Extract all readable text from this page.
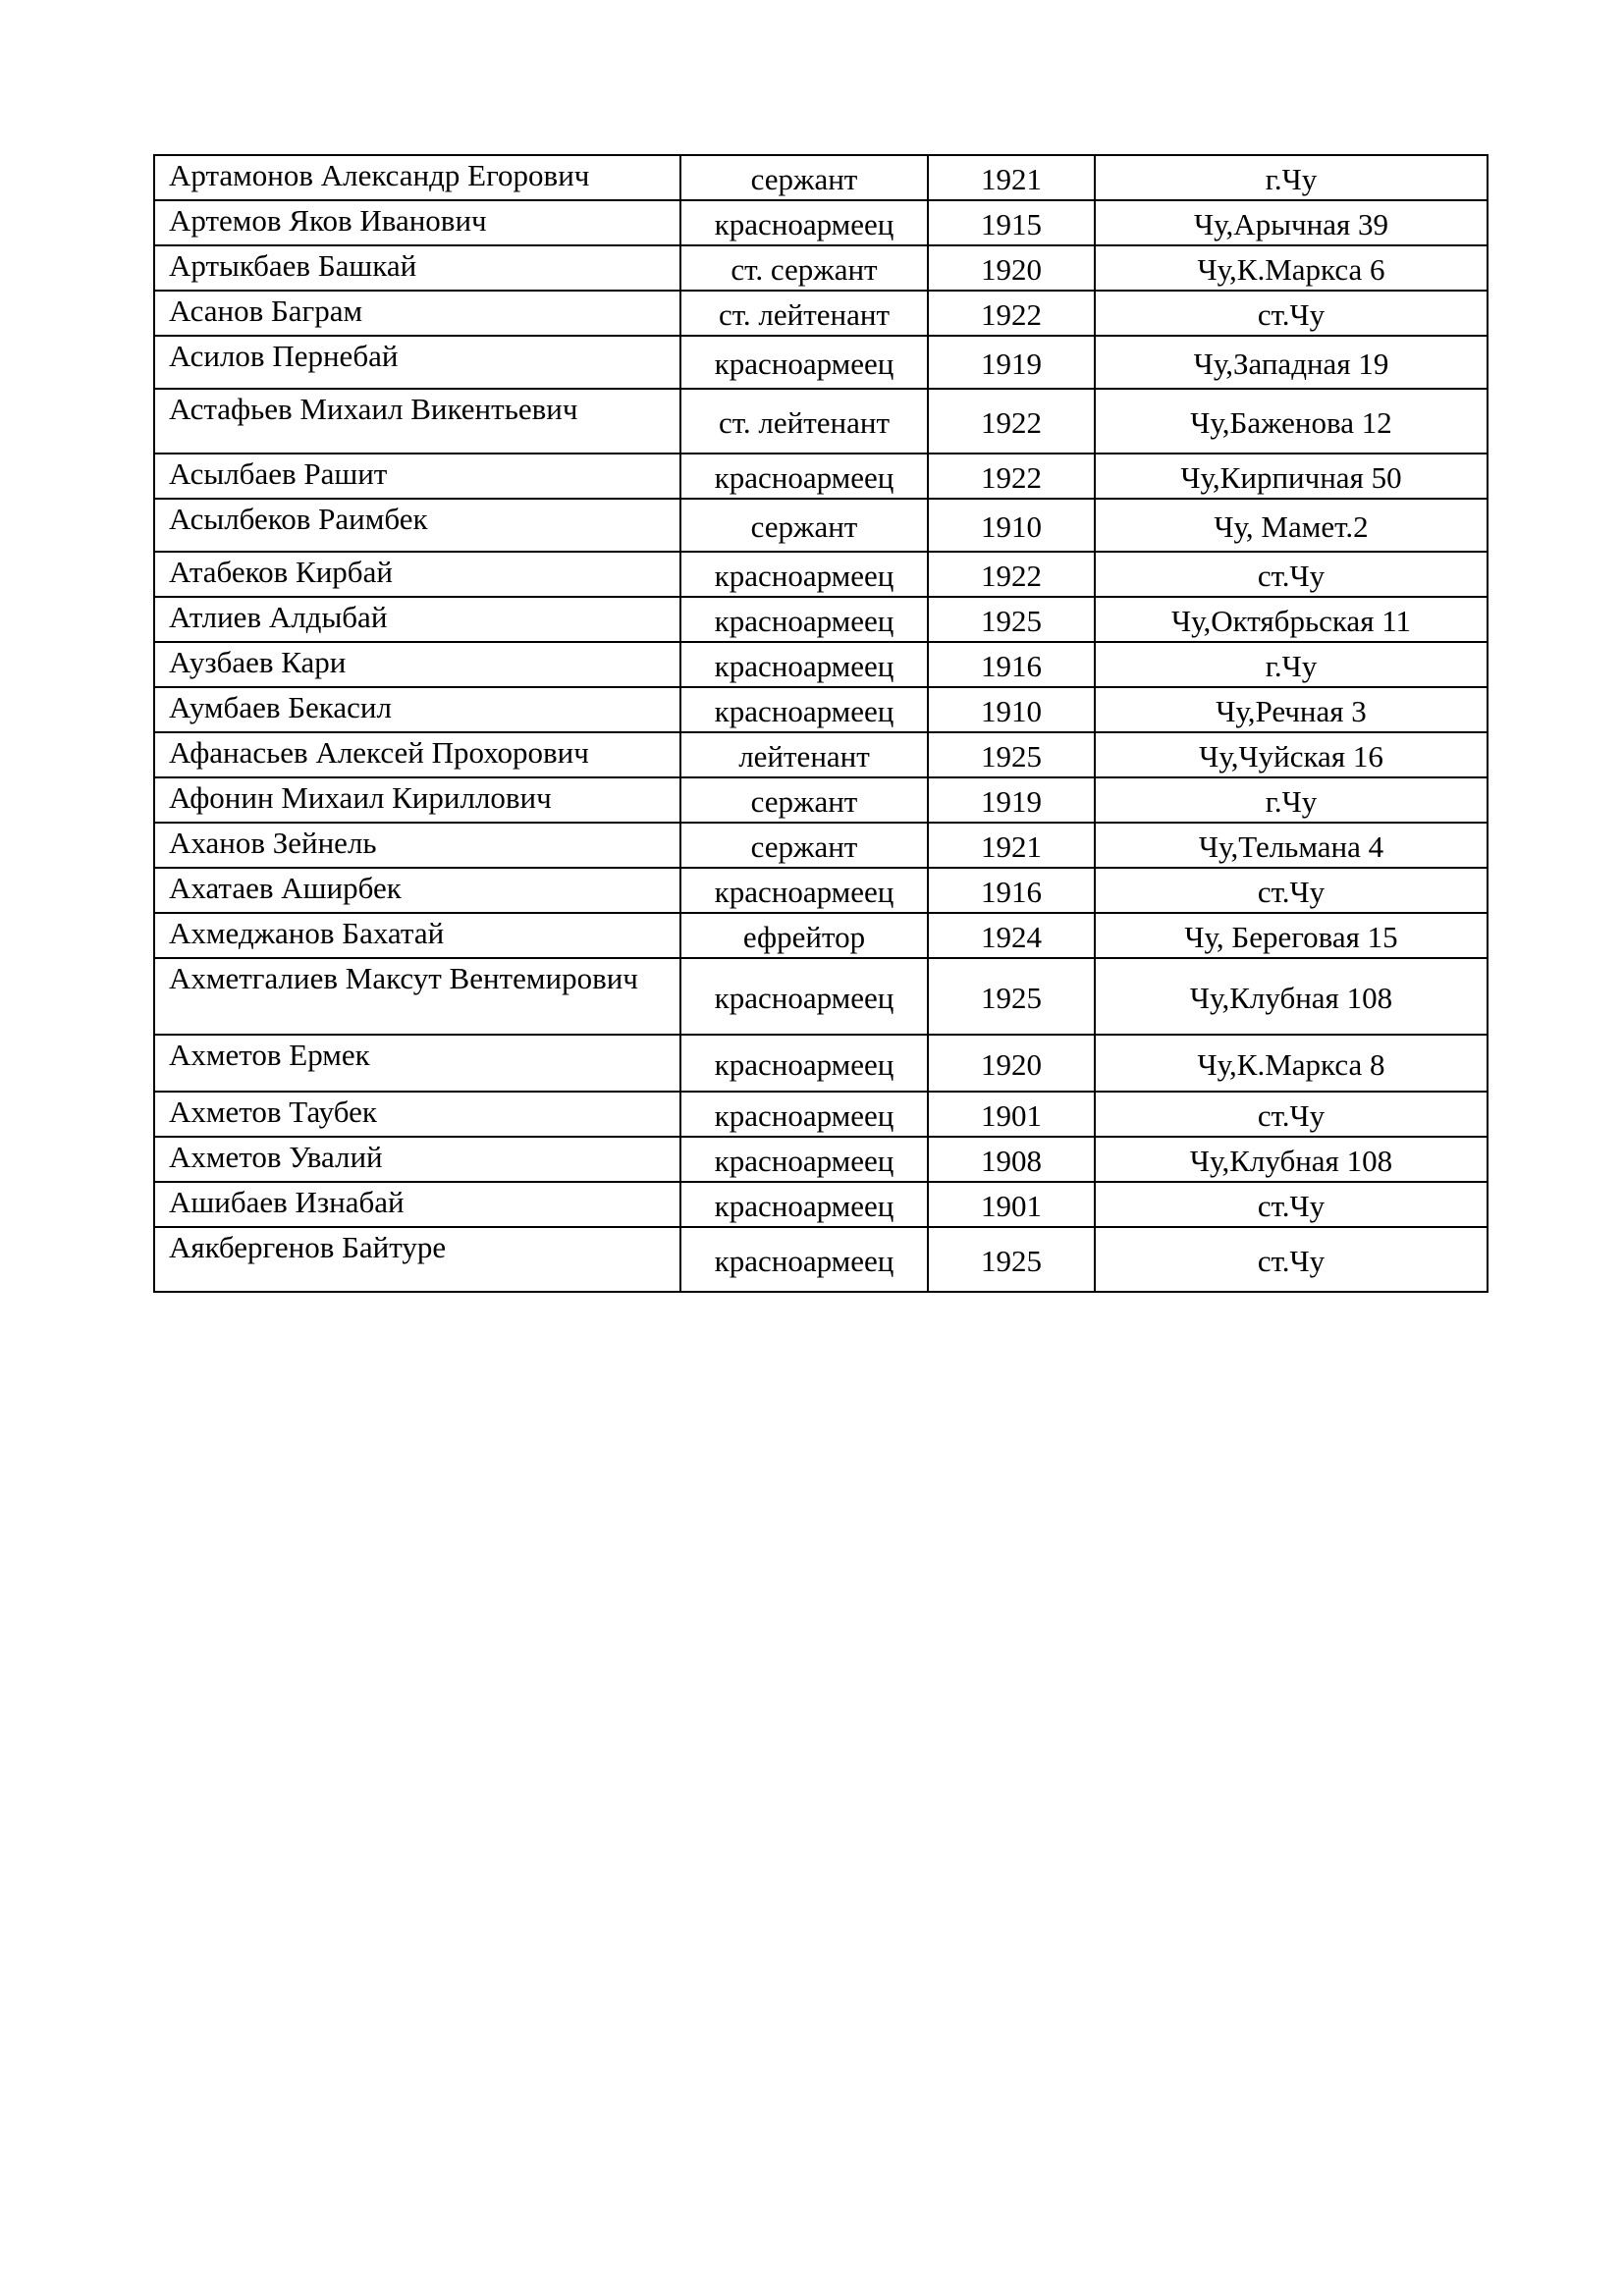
Артамонов Александр Егорович	сержант	1921	г.Чу
Артемов Яков Иванович	красноармеец	1915	Чу,Арычная 39
Артыкбаев Башкай	ст. сержант	1920	Чу,К.Маркса 6
Асанов Баграм	ст. лейтенант	1922	ст.Чу
Асилов Пернебай	красноармеец	1919	Чу,Западная 19
Астафьев Михаил Викентьевич	ст. лейтенант	1922	Чу,Баженова 12
Асылбаев Рашит	красноармеец	1922	Чу,Кирпичная 50
Асылбеков Раимбек	сержант	1910	Чу, Мамет.2
Атабеков Кирбай	красноармеец	1922	ст.Чу
Атлиев Алдыбай	красноармеец	1925	Чу,Октябрьская 11
Аузбаев Кари	красноармеец	1916	г.Чу
Аумбаев Бекасил	красноармеец	1910	Чу,Речная 3
Афанасьев Алексей Прохорович	лейтенант	1925	Чу,Чуйская 16
Афонин Михаил Кириллович	сержант	1919	г.Чу
Аханов Зейнель	сержант	1921	Чу,Тельмана 4
Ахатаев Аширбек	красноармеец	1916	ст.Чу
Ахмеджанов Бахатай	ефрейтор	1924	Чу, Береговая 15
Ахметгалиев Максут Вентемирович	красноармеец	1925	Чу,Клубная 108
Ахметов Ермек	красноармеец	1920	Чу,К.Маркса 8
Ахметов Таубек	красноармеец	1901	ст.Чу
Ахметов Увалий	красноармеец	1908	Чу,Клубная 108
Ашибаев Изнабай	красноармеец	1901	ст.Чу
Аякбергенов Байтуре	красноармеец	1925	ст.Чу
